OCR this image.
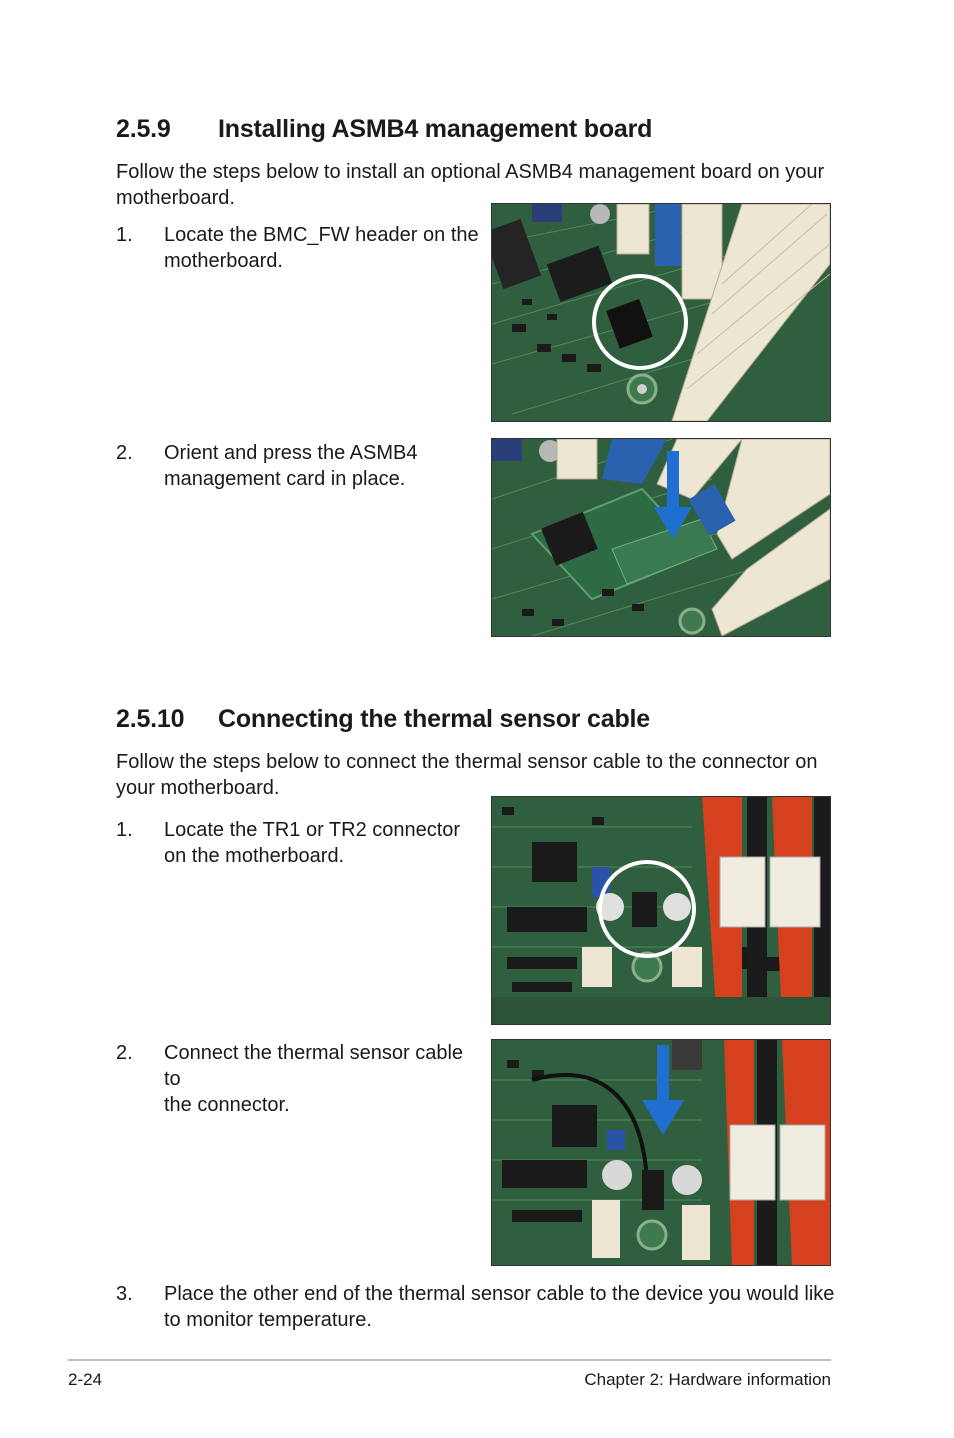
2.5.9 Installing ASMB4 management board
Follow the steps below to install an optional ASMB4 management board on your
motherboard.
1. Locate the BMC_FW header on the
motherboard.
2. Orient and press the ASMB4
management card in place.
2.5.10 Connecting the thermal sensor cable
Follow the steps below to connect the thermal sensor cable to the connector on
your motherboard.
1. Locate the TR1 or TR2 connector
on the motherboard.
2. Connect the thermal sensor cable to
the connector.
3. Place the other end of the thermal sensor cable to the device you would like
to monitor temperature.
2-24	Chapter 2: Hardware information
